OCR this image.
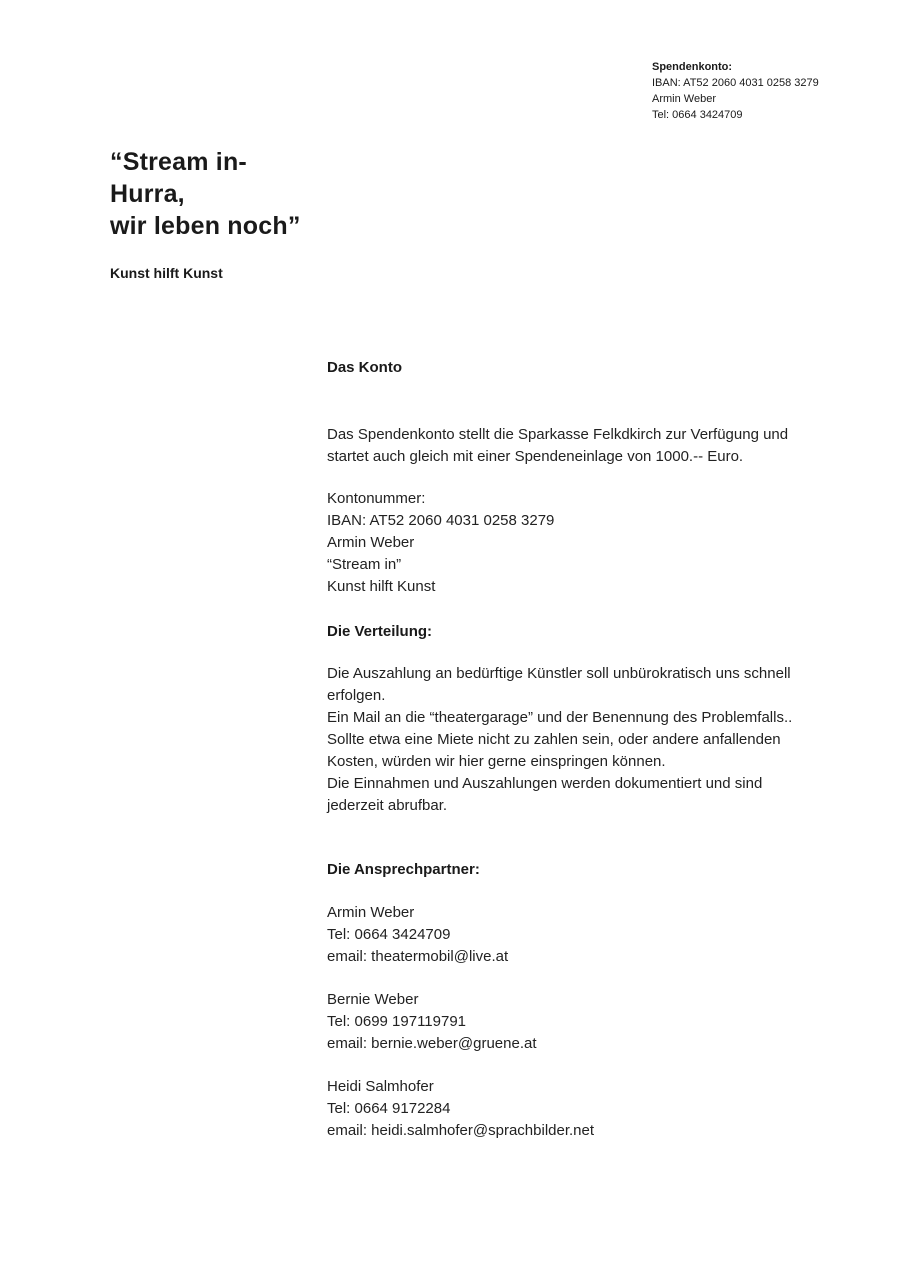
Spendenkonto:
IBAN: AT52 2060 4031 0258 3279
Armin Weber
Tel: 0664 3424709
“Stream in-
Hurra,
wir leben noch”

Kunst hilft Kunst

Das Konto
Das Spendenkonto stellt die Sparkasse Felkdkirch zur Verfügung und
startet auch gleich mit einer Spendeneinlage von 1000.-- Euro.
Kontonummer:
IBAN: AT52 2060 4031 0258 3279
Armin Weber
“Stream in”
Kunst hilft Kunst
Die Verteilung:
Die Auszahlung an bedürftige Künstler soll unbürokratisch uns schnell
erfolgen.
Ein Mail an die “theatergarage” und der Benennung des Problemfalls..
Sollte etwa eine Miete nicht zu zahlen sein, oder andere anfallenden
Kosten, würden wir hier gerne einspringen können.
Die Einnahmen und Auszahlungen werden dokumentiert und sind
jederzeit abrufbar.
Die Ansprechpartner:
Armin Weber
Tel: 0664 3424709
email: theatermobil@live.at
Bernie Weber
Tel: 0699 197119791
email: bernie.weber@gruene.at
Heidi Salmhofer
Tel: 0664 9172284
email: heidi.salmhofer@sprachbilder.net
